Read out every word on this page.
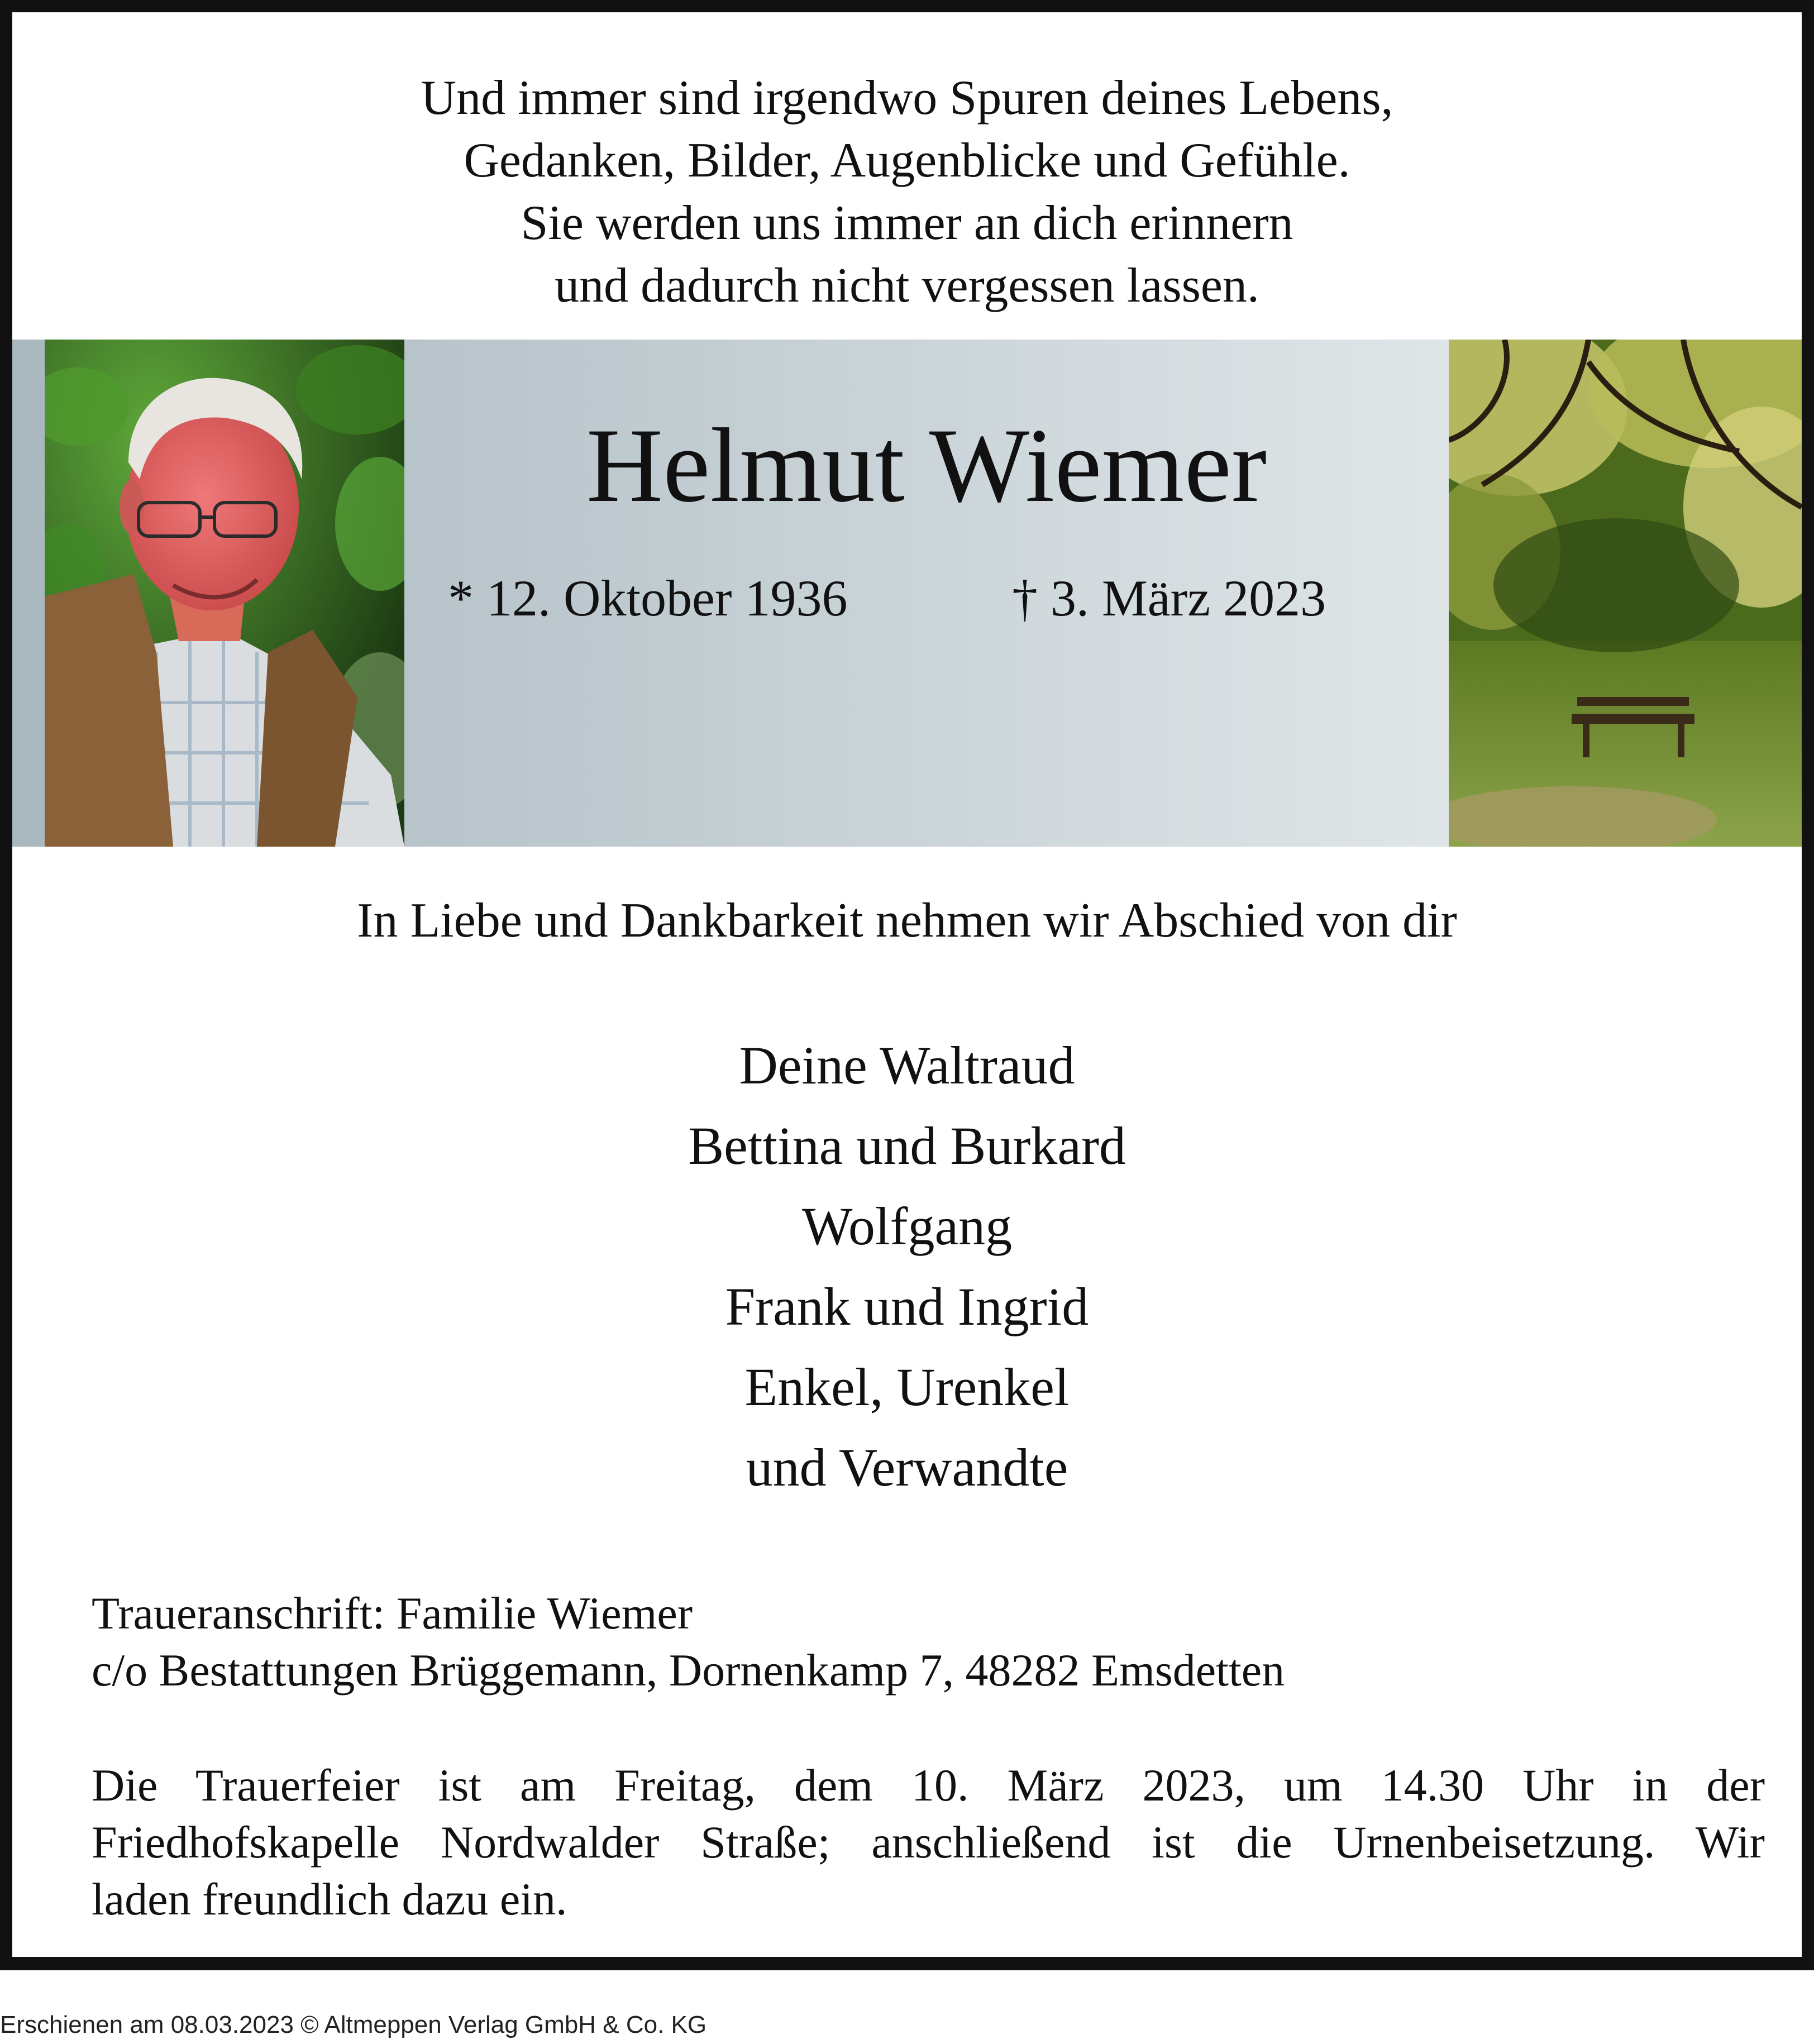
Und immer sind irgendwo Spuren deines Lebens,
Gedanken, Bilder, Augenblicke und Gefühle.
Sie werden uns immer an dich erinnern
und dadurch nicht vergessen lassen.
Helmut Wiemer
* 12. Oktober 1936	† 3. März 2023
In Liebe und Dankbarkeit nehmen wir Abschied von dir
Deine Waltraud
Bettina und Burkard
Wolfgang
Frank und Ingrid
Enkel, Urenkel
und Verwandte
Traueranschrift: Familie Wiemer
c/o Bestattungen Brüggemann, Dornenkamp 7, 48282 Emsdetten
Die Trauerfeier ist am Freitag, dem 10. März 2023, um 14.30 Uhr in der
Friedhofskapelle Nordwalder Straße; anschließend ist die Urnenbeisetzung. Wir
laden freundlich dazu ein.
Erschienen am 08.03.2023 © Altmeppen Verlag GmbH & Co. KG
